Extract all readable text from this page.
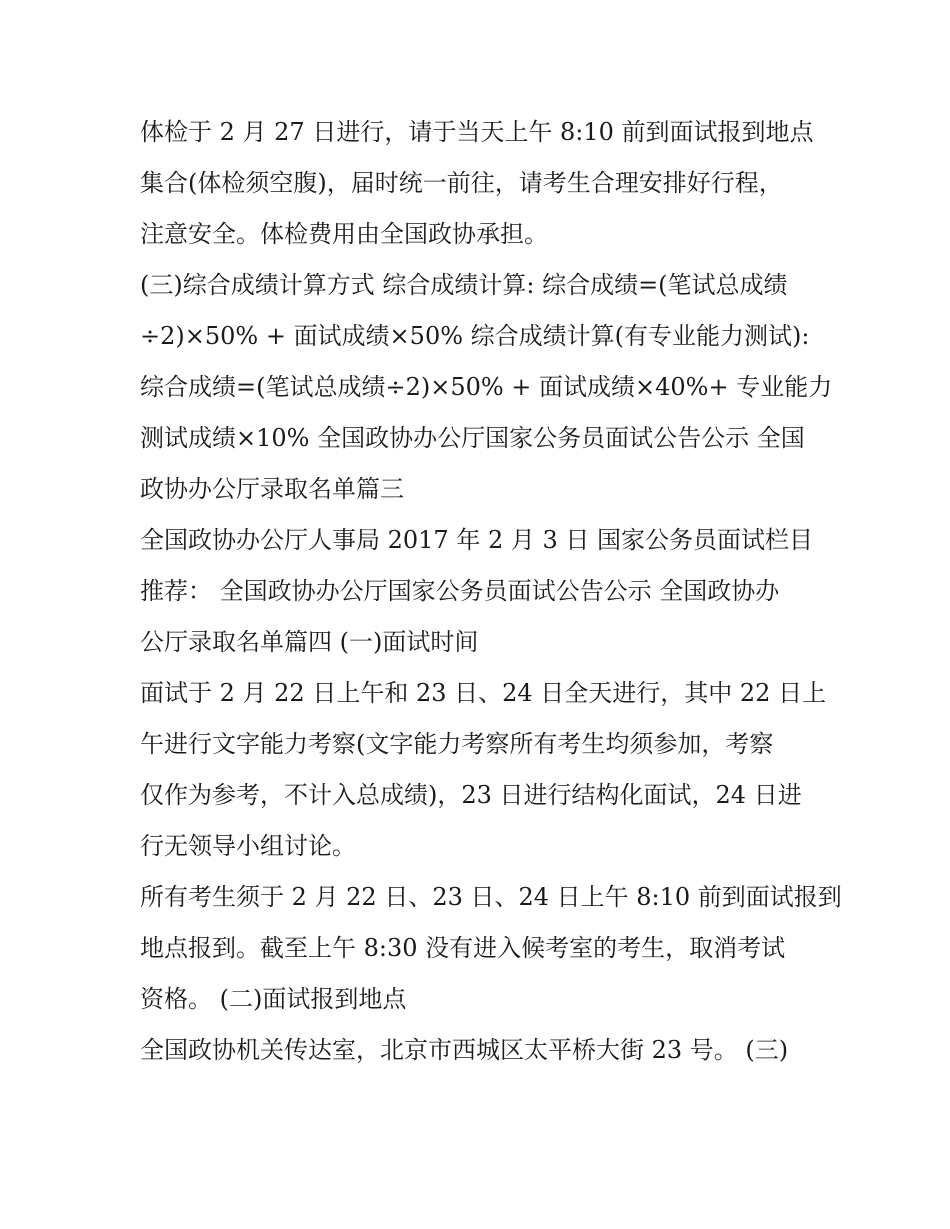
体检于 2 月 27 日进行，请于当天上午 8:10 前到面试报到地点
集合(体检须空腹)，届时统一前往，请考生合理安排好行程，
注意安全。体检费用由全国政协承担。
(三)综合成绩计算方式 综合成绩计算: 综合成绩=(笔试总成绩
÷2)×50% + 面试成绩×50% 综合成绩计算(有专业能力测试):
综合成绩=(笔试总成绩÷2)×50% + 面试成绩×40%+ 专业能力
测试成绩×10% 全国政协办公厅国家公务员面试公告公示 全国
政协办公厅录取名单篇三
全国政协办公厅人事局 2017 年 2 月 3 日 国家公务员面试栏目
推荐： 全国政协办公厅国家公务员面试公告公示 全国政协办
公厅录取名单篇四 (一)面试时间
面试于 2 月 22 日上午和 23 日、24 日全天进行，其中 22 日上
午进行文字能力考察(文字能力考察所有考生均须参加，考察
仅作为参考，不计入总成绩)，23 日进行结构化面试，24 日进
行无领导小组讨论。
所有考生须于 2 月 22 日、23 日、24 日上午 8:10 前到面试报到
地点报到。截至上午 8:30 没有进入候考室的考生，取消考试
资格。 (二)面试报到地点
全国政协机关传达室，北京市西城区太平桥大街 23 号。 (三)
